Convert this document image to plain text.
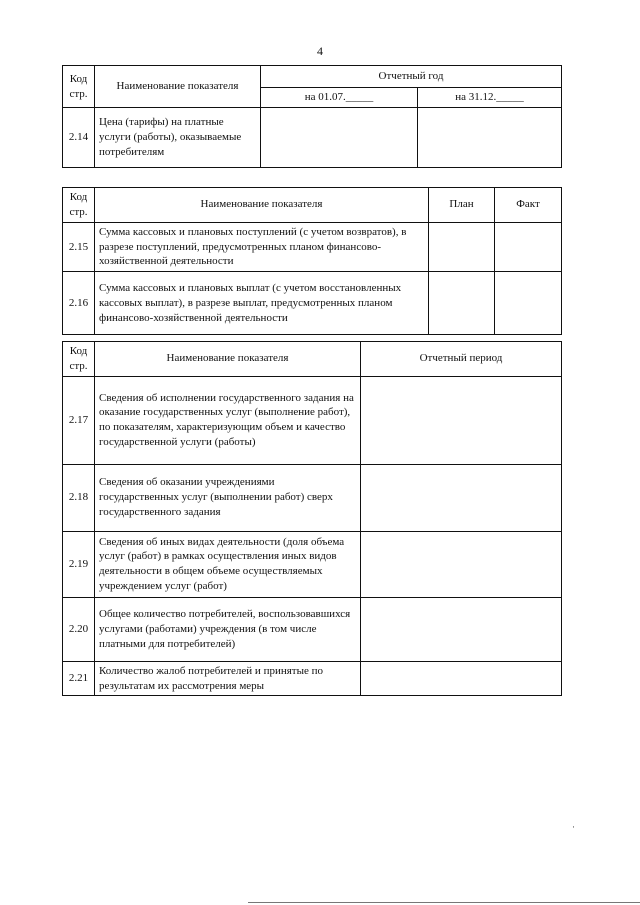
4
Код стр.	Наименование показателя	Отчетный год	
		на 01.07._____	на 31.12._____
2.14	Цена (тарифы) на платные услуги (работы), оказываемые потребителям		
Код стр.	Наименование показателя	План	Факт
2.15	Сумма кассовых и плановых поступлений (с учетом возвратов), в разрезе поступлений, предусмотренных планом финансово-хозяйственной деятельности		
2.16	Сумма кассовых и плановых выплат (с учетом восстановленных кассовых выплат), в разрезе выплат, предусмотренных планом финансово-хозяйственной деятельности		
Код стр.	Наименование показателя	Отчетный период
2.17	Сведения об исполнении государственного задания на оказание государственных услуг (выполнение работ), по показателям, характеризующим объем и качество государственной услуги (работы)	
2.18	Сведения об оказании учреждениями государственных услуг (выполнении работ) сверх государственного задания	
2.19	Сведения об иных видах деятельности (доля объема услуг (работ) в рамках осуществления иных видов деятельности в общем объеме осуществляемых учреждением услуг (работ)	
2.20	Общее количество потребителей, воспользовавшихся услугами (работами) учреждения (в том числе платными для потребителей)	
2.21	Количество жалоб потребителей и принятые по результатам их рассмотрения меры	
·
